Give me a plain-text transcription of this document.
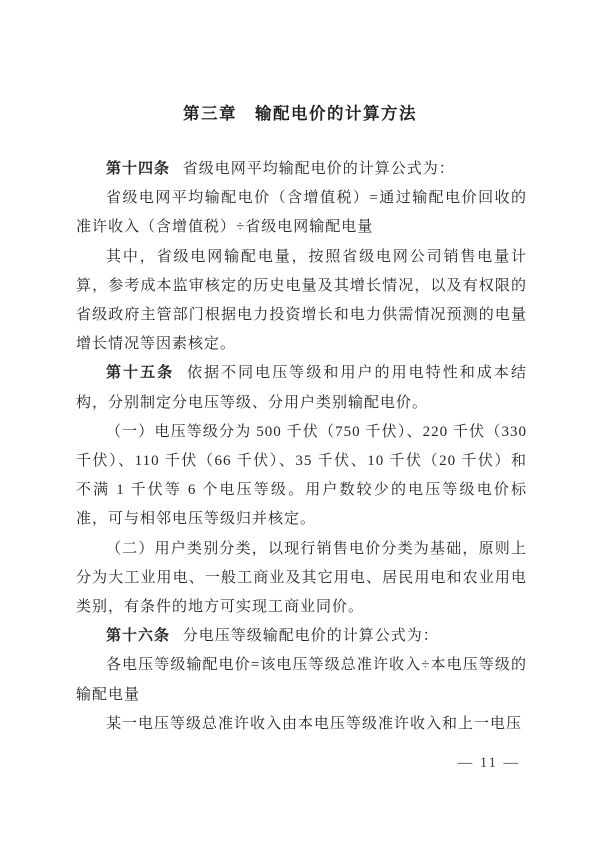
第三章　输配电价的计算方法

第十四条 省级电网平均输配电价的计算公式为：

省级电网平均输配电价（含增值税）=通过输配电价回收的准许收入（含增值税）÷省级电网输配电量

其中，省级电网输配电量，按照省级电网公司销售电量计算，参考成本监审核定的历史电量及其增长情况，以及有权限的省级政府主管部门根据电力投资增长和电力供需情况预测的电量增长情况等因素核定。

第十五条 依据不同电压等级和用户的用电特性和成本结构，分别制定分电压等级、分用户类别输配电价。

（一）电压等级分为 500 千伏（750 千伏）、220 千伏（330 千伏）、110 千伏（66 千伏）、35 千伏、10 千伏（20 千伏）和不满 1 千伏等 6 个电压等级。用户数较少的电压等级电价标准，可与相邻电压等级归并核定。

（二）用户类别分类，以现行销售电价分类为基础，原则上分为大工业用电、一般工商业及其它用电、居民用电和农业用电类别，有条件的地方可实现工商业同价。

第十六条 分电压等级输配电价的计算公式为：

各电压等级输配电价=该电压等级总准许收入÷本电压等级的输配电量

某一电压等级总准许收入由本电压等级准许收入和上一电压

— 11 —
